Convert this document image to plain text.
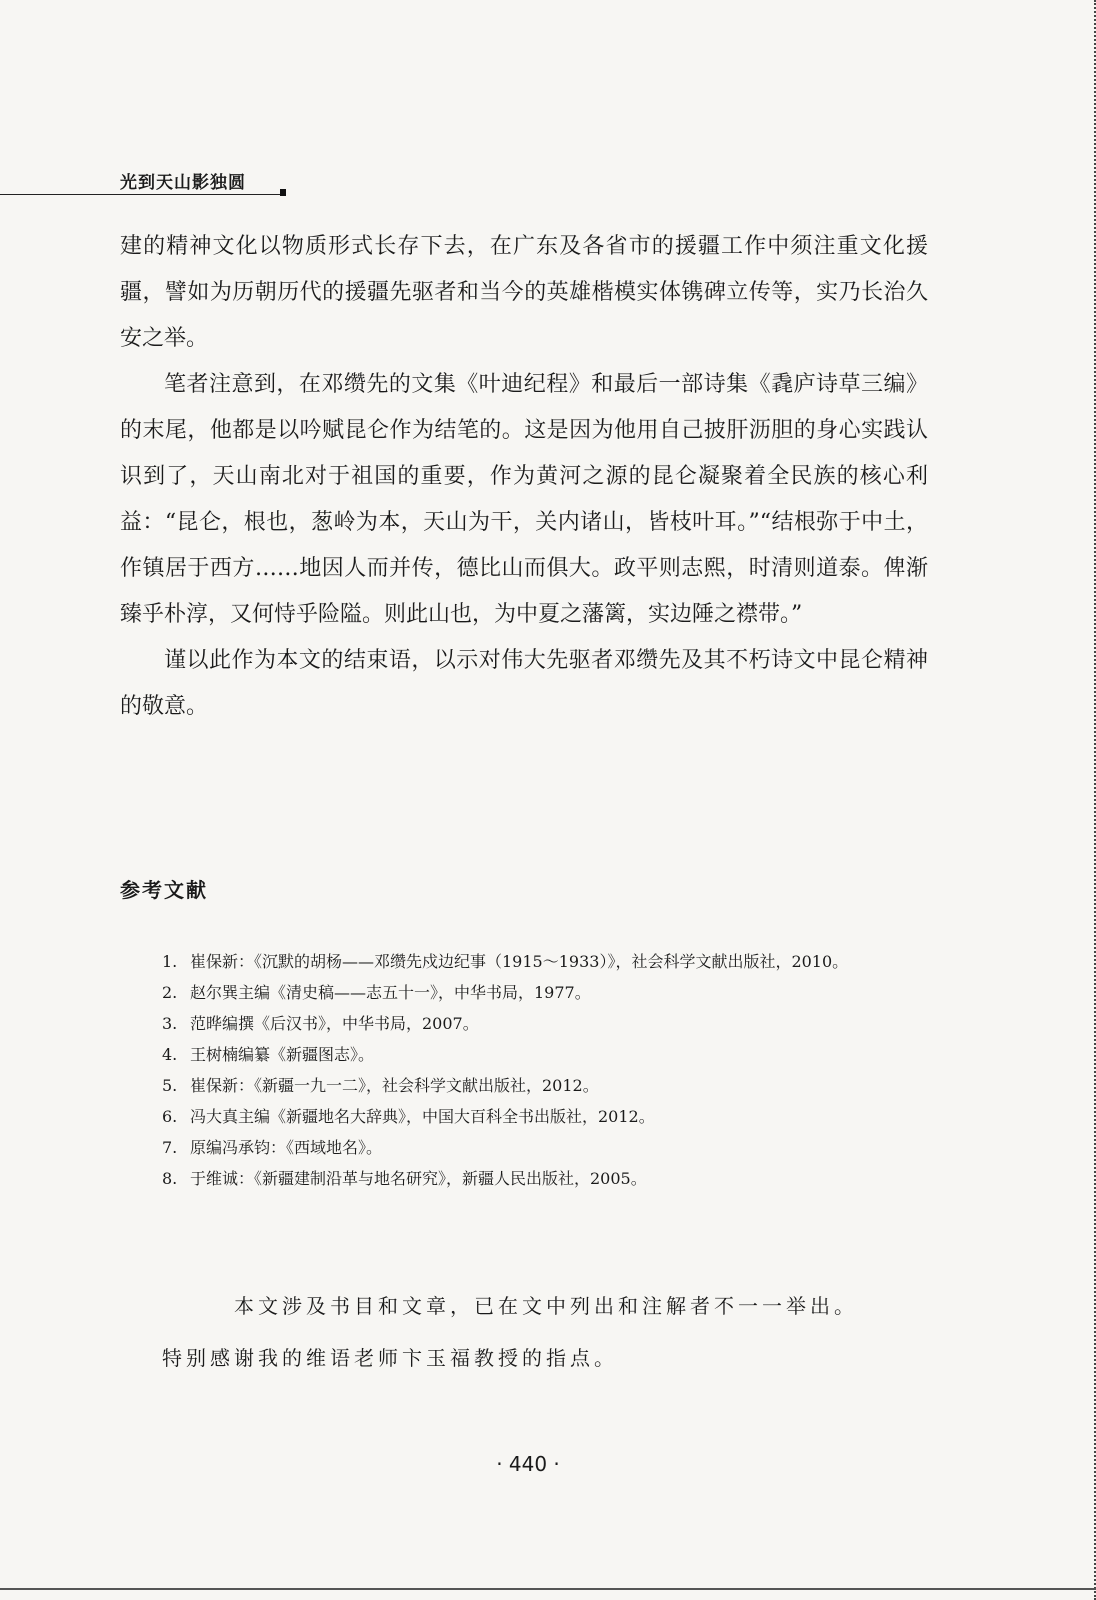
光到天山影独圆

建的精神文化以物质形式长存下去，在广东及各省市的援疆工作中须注重文化援疆，譬如为历朝历代的援疆先驱者和当今的英雄楷模实体镌碑立传等，实乃长治久安之举。

笔者注意到，在邓缵先的文集《叶迪纪程》和最后一部诗集《毳庐诗草三编》的末尾，他都是以吟赋昆仑作为结笔的。这是因为他用自己披肝沥胆的身心实践认识到了，天山南北对于祖国的重要，作为黄河之源的昆仑凝聚着全民族的核心利益：“昆仑，根也，葱岭为本，天山为干，关内诸山，皆枝叶耳。”“结根弥于中土，作镇居于西方……地因人而并传，德比山而俱大。政平则志熙，时清则道泰。俾渐臻乎朴淳，又何恃乎险隘。则此山也，为中夏之藩篱，实边陲之襟带。”

谨以此作为本文的结束语，以示对伟大先驱者邓缵先及其不朽诗文中昆仑精神的敬意。

参考文献
1. 崔保新：《沉默的胡杨——邓缵先戍边纪事（1915～1933）》，社会科学文献出版社，2010。
2. 赵尔巽主编《清史稿——志五十一》，中华书局，1977。
3. 范晔编撰《后汉书》，中华书局，2007。
4. 王树楠编纂《新疆图志》。
5. 崔保新：《新疆一九一二》，社会科学文献出版社，2012。
6. 冯大真主编《新疆地名大辞典》，中国大百科全书出版社，2012。
7. 原编冯承钧：《西域地名》。
8. 于维诚：《新疆建制沿革与地名研究》，新疆人民出版社，2005。

本文涉及书目和文章，已在文中列出和注解者不一一举出。

特别感谢我的维语老师卞玉福教授的指点。

· 440 ·
